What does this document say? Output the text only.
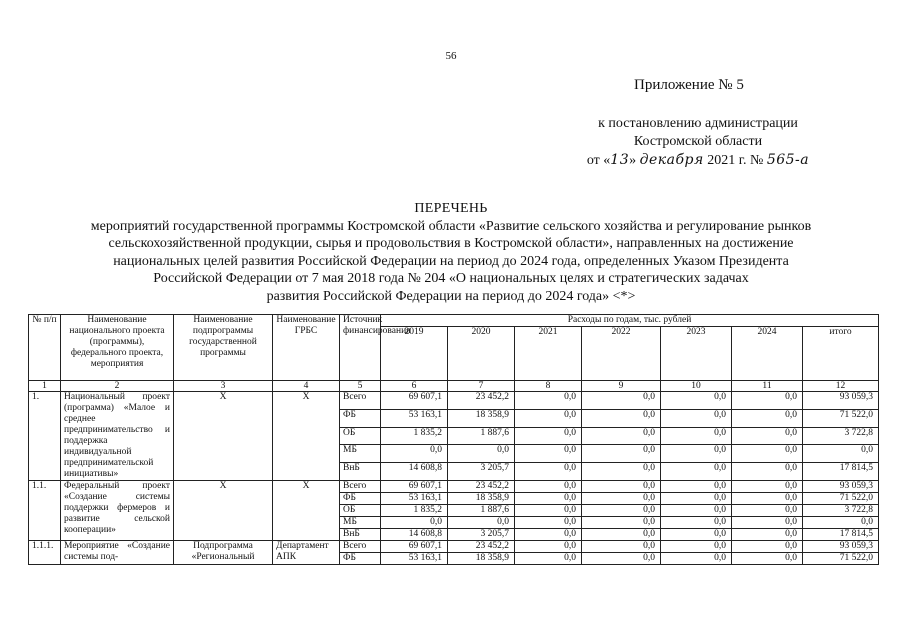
56
Приложение № 5
к постановлению администрации
Костромской области
от «13» декабря 2021 г. № 565-а
ПЕРЕЧЕНЬ
мероприятий государственной программы Костромской области «Развитие сельского хозяйства и регулирование рынков
сельскохозяйственной продукции, сырья и продовольствия в Костромской области», направленных на достижение
национальных целей развития Российской Федерации на период до 2024 года, определенных Указом Президента
Российской Федерации от 7 мая 2018 года № 204 «О национальных целях и стратегических задачах
развития Российской Федерации на период до 2024 года» <*>
№ п/п	Наименование национального проекта (программы), федерального проекта, мероприятия	Наименование подпрограммы государственной программы	Наименование ГРБС	Источник финансирования	Расходы по годам, тыс. рублей						
					2019	2020	2021	2022	2023	2024	итого
1	2	3	4	5	6	7	8	9	10	11	12
1.	Национальный проект (программа) «Малое и среднее предпринимательство и поддержка индивидуальной предпринимательской инициативы»	Х	Х	Всего	69 607,1	23 452,2	0,0	0,0	0,0	0,0	93 059,3
				ФБ	53 163,1	18 358,9	0,0	0,0	0,0	0,0	71 522,0
				ОБ	1 835,2	1 887,6	0,0	0,0	0,0	0,0	3 722,8
				МБ	0,0	0,0	0,0	0,0	0,0	0,0	0,0
				ВнБ	14 608,8	3 205,7	0,0	0,0	0,0	0,0	17 814,5
1.1.	Федеральный проект «Создание системы поддержки фермеров и развитие сельской кооперации»	Х	Х	Всего	69 607,1	23 452,2	0,0	0,0	0,0	0,0	93 059,3
				ФБ	53 163,1	18 358,9	0,0	0,0	0,0	0,0	71 522,0
				ОБ	1 835,2	1 887,6	0,0	0,0	0,0	0,0	3 722,8
				МБ	0,0	0,0	0,0	0,0	0,0	0,0	0,0
				ВнБ	14 608,8	3 205,7	0,0	0,0	0,0	0,0	17 814,5
1.1.1.	Мероприятие «Создание системы под-	Подпрограмма «Региональный	Департамент АПК	Всего	69 607,1	23 452,2	0,0	0,0	0,0	0,0	93 059,3
				ФБ	53 163,1	18 358,9	0,0	0,0	0,0	0,0	71 522,0
